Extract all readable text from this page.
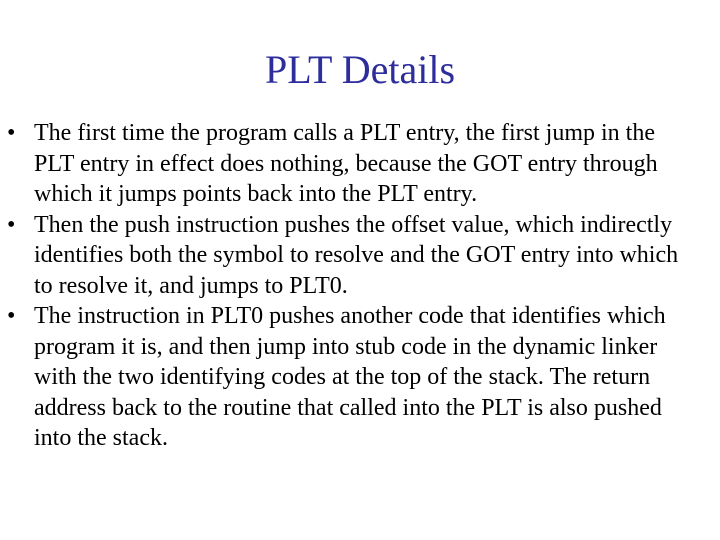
PLT Details
• The first time the program calls a PLT entry, the first jump in the PLT entry in effect does nothing, because the GOT entry through which it jumps points back into the PLT entry.
• Then the push instruction pushes the offset value, which indirectly identifies both the symbol to resolve and the GOT entry into which to resolve it, and jumps to PLT0.
• The instruction in PLT0 pushes another code that identifies which program it is, and then jump into stub code in the dynamic linker with the two identifying codes at the top of the stack. The return address back to the routine that called into the PLT is also pushed into the stack.
